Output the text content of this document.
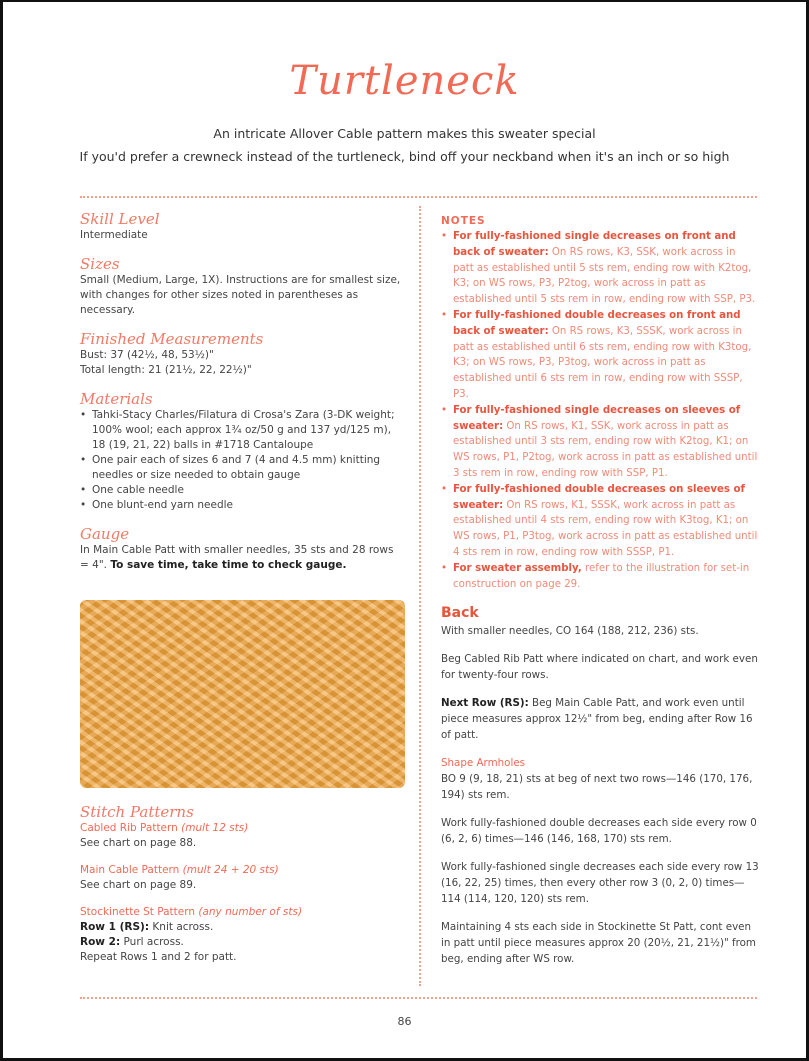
Turtleneck
An intricate Allover Cable pattern makes this sweater special
If you'd prefer a crewneck instead of the turtleneck, bind off your neckband when it's an inch or so high
Skill Level
Intermediate
Sizes
Small (Medium, Large, 1X). Instructions are for smallest size, with changes for other sizes noted in parentheses as necessary.
Finished Measurements
Bust: 37 (42½, 48, 53½)"
Total length: 21 (21½, 22, 22½)"
Materials
• Tahki-Stacy Charles/Filatura di Crosa's Zara (3-DK weight; 100% wool; each approx 1¾ oz/50 g and 137 yd/125 m), 18 (19, 21, 22) balls in #1718 Cantaloupe
• One pair each of sizes 6 and 7 (4 and 4.5 mm) knitting needles or size needed to obtain gauge
• One cable needle
• One blunt-end yarn needle
Gauge
In Main Cable Patt with smaller needles, 35 sts and 28 rows = 4". To save time, take time to check gauge.
Stitch Patterns
Cabled Rib Pattern (mult 12 sts)
See chart on page 88.
Main Cable Pattern (mult 24 + 20 sts)
See chart on page 89.
Stockinette St Pattern (any number of sts)
Row 1 (RS): Knit across.
Row 2: Purl across.
Repeat Rows 1 and 2 for patt.
NOTES
• For fully-fashioned single decreases on front and back of sweater: On RS rows, K3, SSK, work across in patt as established until 5 sts rem, ending row with K2tog, K3; on WS rows, P3, P2tog, work across in patt as established until 5 sts rem in row, ending row with SSP, P3.
• For fully-fashioned double decreases on front and back of sweater: On RS rows, K3, SSSK, work across in patt as established until 6 sts rem, ending row with K3tog, K3; on WS rows, P3, P3tog, work across in patt as established until 6 sts rem in row, ending row with SSSP, P3.
• For fully-fashioned single decreases on sleeves of sweater: On RS rows, K1, SSK, work across in patt as established until 3 sts rem, ending row with K2tog, K1; on WS rows, P1, P2tog, work across in patt as established until 3 sts rem in row, ending row with SSP, P1.
• For fully-fashioned double decreases on sleeves of sweater: On RS rows, K1, SSSK, work across in patt as established until 4 sts rem, ending row with K3tog, K1; on WS rows, P1, P3tog, work across in patt as established until 4 sts rem in row, ending row with SSSP, P1.
• For sweater assembly, refer to the illustration for set-in construction on page 29.
Back
With smaller needles, CO 164 (188, 212, 236) sts.
Beg Cabled Rib Patt where indicated on chart, and work even for twenty-four rows.
Next Row (RS): Beg Main Cable Patt, and work even until piece measures approx 12½" from beg, ending after Row 16 of patt.
Shape Armholes
BO 9 (9, 18, 21) sts at beg of next two rows—146 (170, 176, 194) sts rem.
Work fully-fashioned double decreases each side every row 0 (6, 2, 6) times—146 (146, 168, 170) sts rem.
Work fully-fashioned single decreases each side every row 13 (16, 22, 25) times, then every other row 3 (0, 2, 0) times—114 (114, 120, 120) sts rem.
Maintaining 4 sts each side in Stockinette St Patt, cont even in patt until piece measures approx 20 (20½, 21, 21½)" from beg, ending after WS row.
86
